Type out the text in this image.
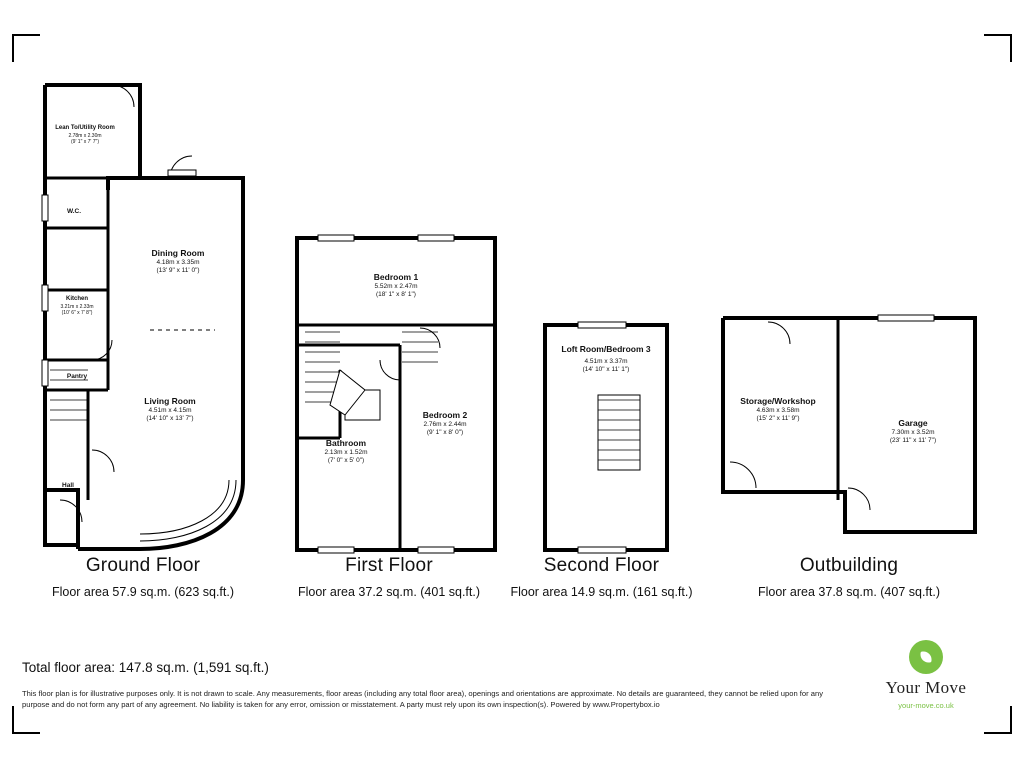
Lean To/Utility Room
2.78m x 2.30m
(9' 1" x 7' 7")
W.C.
Dining Room
4.18m x 3.35m
(13' 9" x 11' 0")
Kitchen
3.21m x 2.33m
(10' 6" x 7' 8")
Pantry
Living Room
4.51m x 4.15m
(14' 10" x 13' 7")
Hall
Bedroom 1
5.52m x 2.47m
(18' 1" x 8' 1")
Bedroom 2
2.76m x 2.44m
(9' 1" x 8' 0")
Bathroom
2.13m x 1.52m
(7' 0" x 5' 0")
Loft Room/Bedroom 3
4.51m x 3.37m
(14' 10" x 11' 1")
Storage/Workshop
4.63m x 3.58m
(15' 2" x 11' 9")	Garage
7.30m x 3.52m
(23' 11" x 11' 7")
Ground Floor
Floor area 57.9 sq.m. (623 sq.ft.)
First Floor
Floor area 37.2 sq.m. (401 sq.ft.)
Second Floor
Floor area 14.9 sq.m. (161 sq.ft.)
Outbuilding
Floor area 37.8 sq.m. (407 sq.ft.)
Total floor area: 147.8 sq.m. (1,591 sq.ft.)
This floor plan is for illustrative purposes only. It is not drawn to scale. Any measurements, floor areas (including any total floor area), openings and orientations are approximate. No details are guaranteed, they cannot be relied upon for any purpose and do not form any part of any agreement. No liability is taken for any error, omission or misstatement. A party must rely upon its own inspection(s). Powered by www.Propertybox.io
Your Move
your-move.co.uk
